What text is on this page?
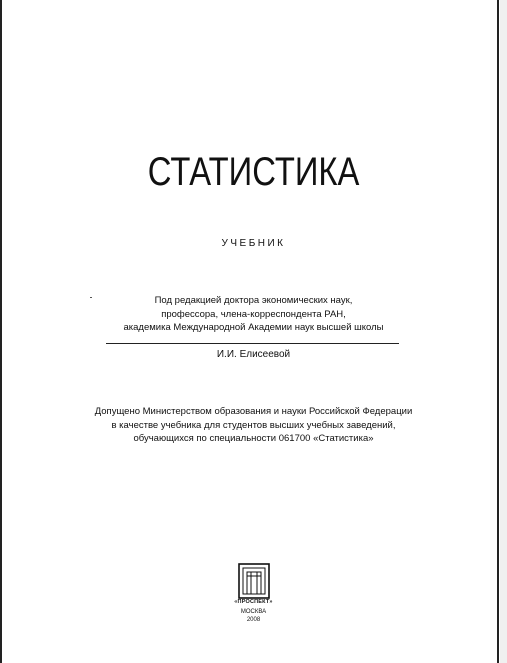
СТАТИСТИКА
УЧЕБНИК
Под редакцией доктора экономических наук,
профессора, члена-корреспондента РАН,
академика Международной Академии наук высшей школы
И.И. Елисеевой
Допущено Министерством образования и науки Российской Федерации
в качестве учебника для студентов высших учебных заведений,
обучающихся по специальности 061700 «Статистика»
«ПРОСПЕКТ»
МОСКВА
2008
